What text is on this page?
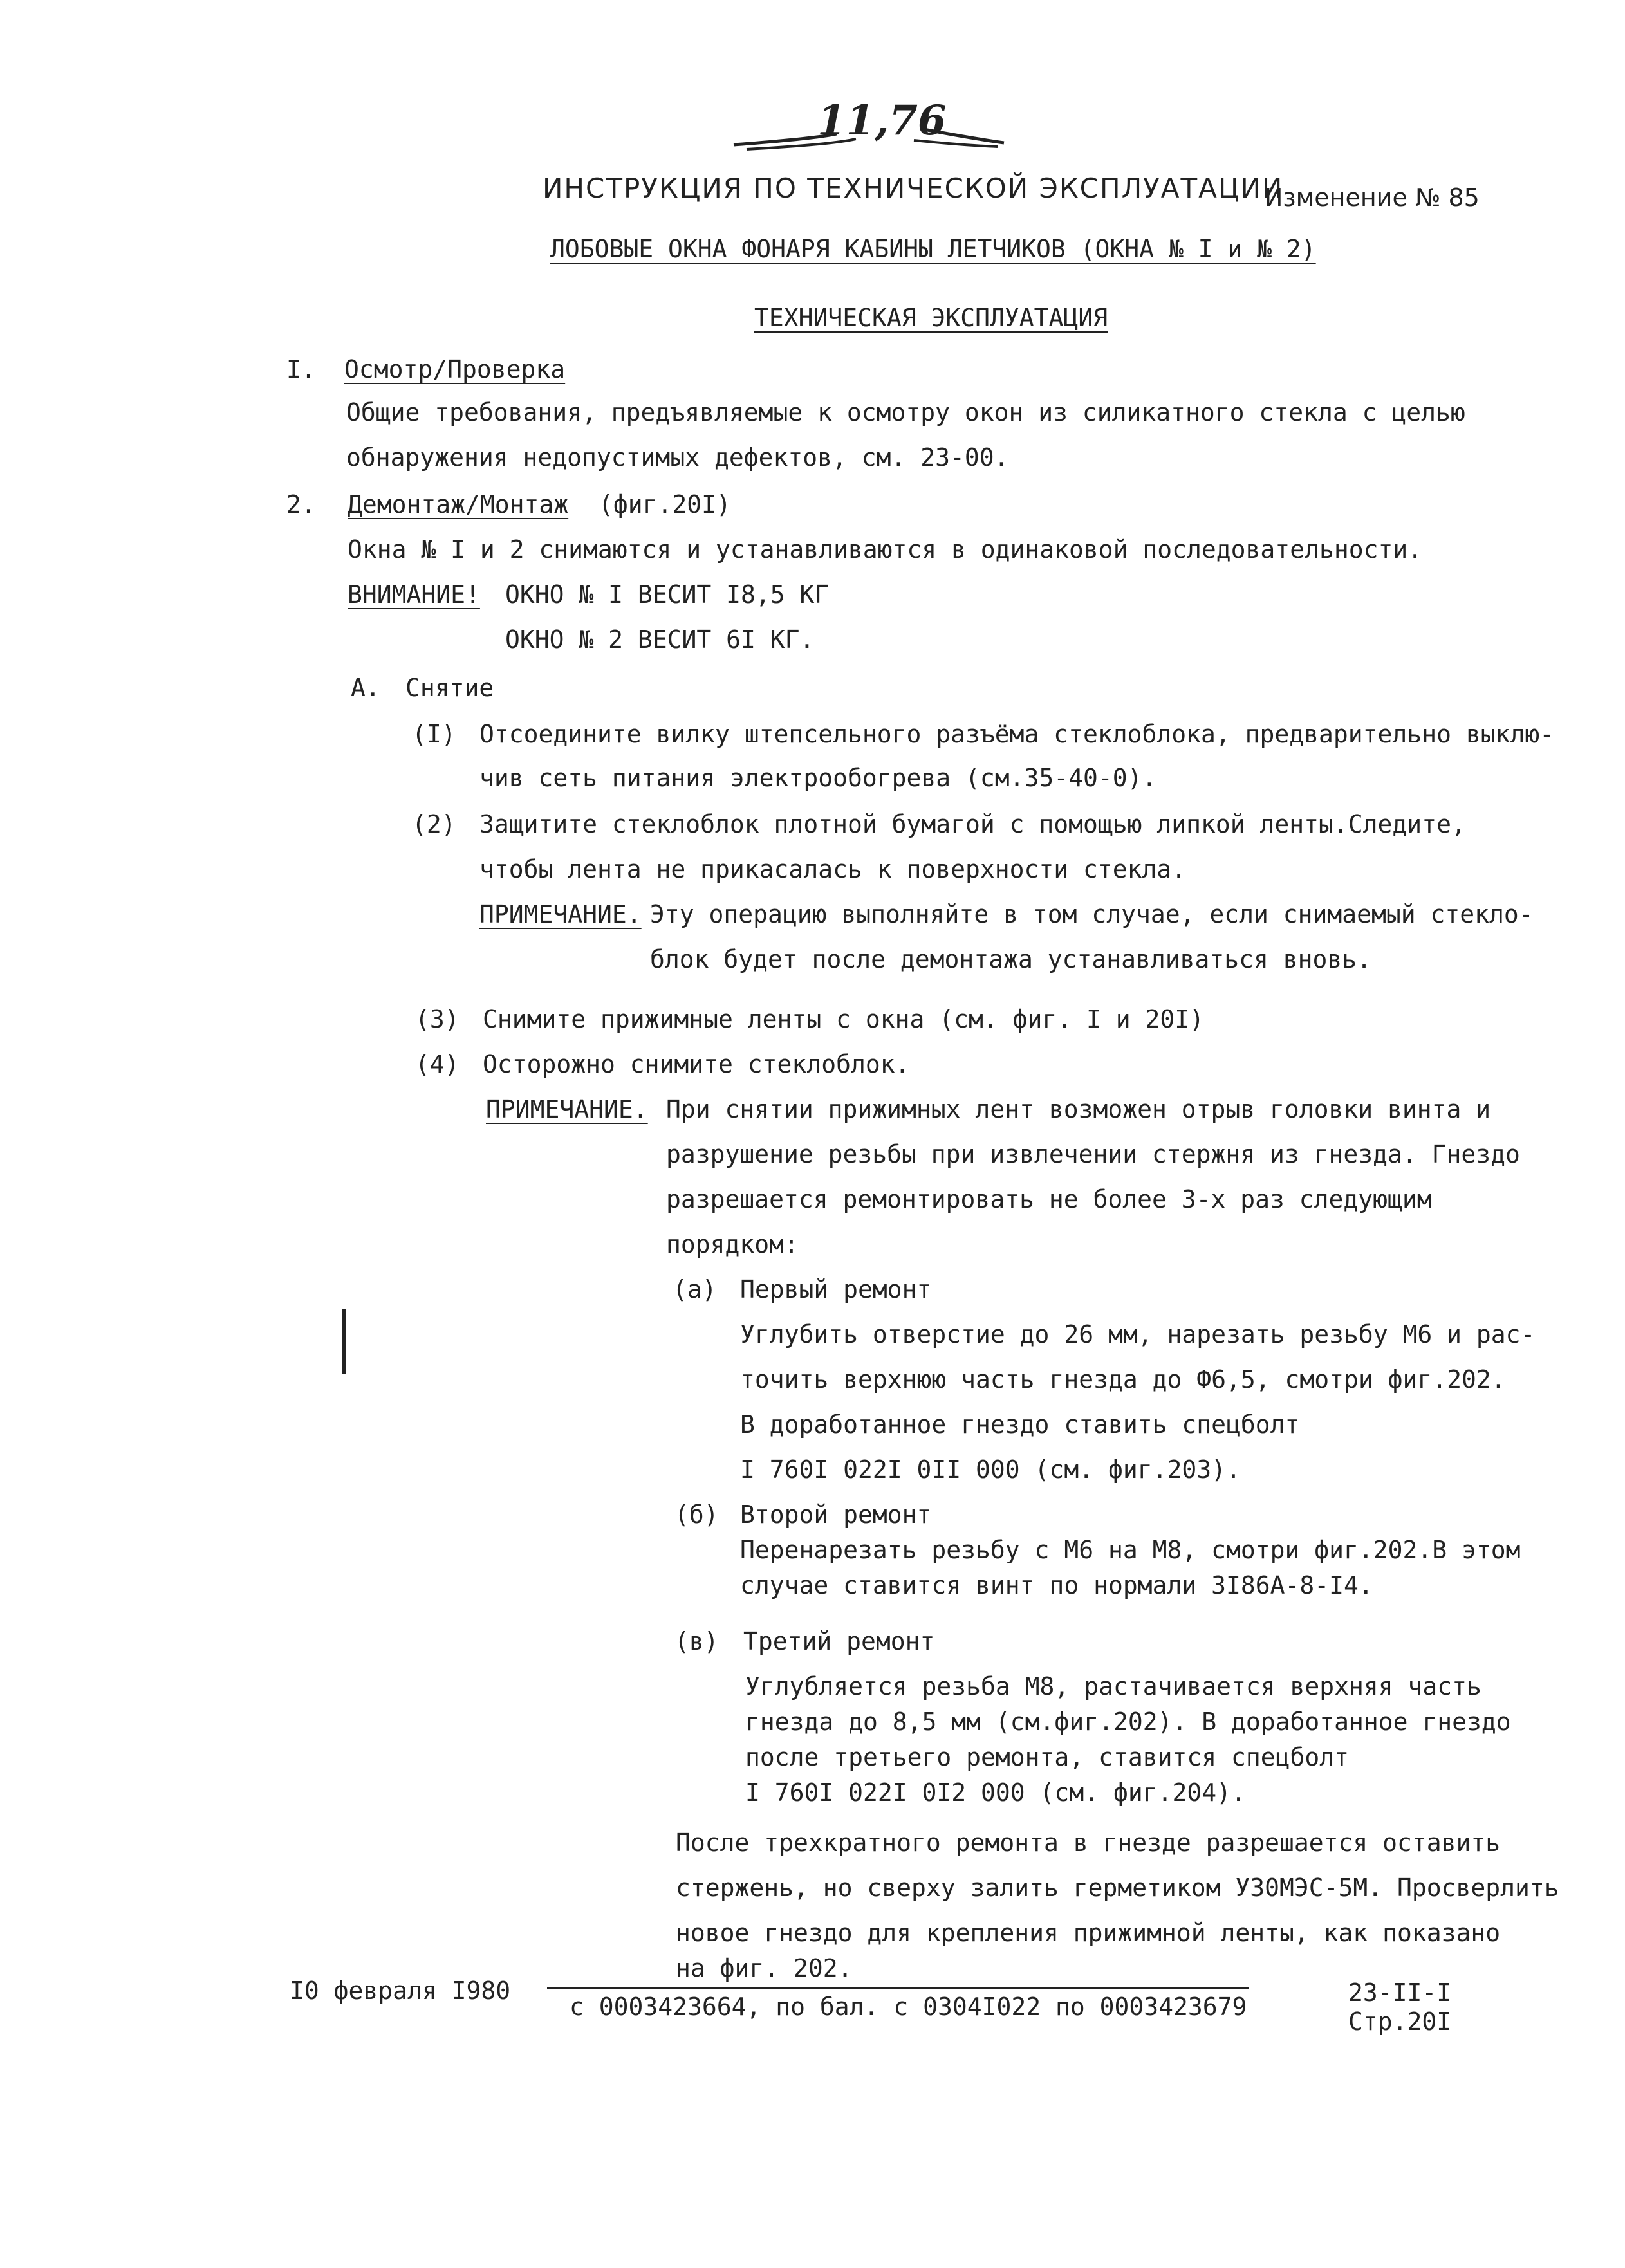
11,76
ИНСТРУКЦИЯ ПО ТЕХНИЧЕСКОЙ ЭКСПЛУАТАЦИИ
Изменение № 85
ЛОБОВЫЕ ОКНА ФОНАРЯ КАБИНЫ ЛЕТЧИКОВ (ОКНА № I и № 2)
ТЕХНИЧЕСКАЯ ЭКСПЛУАТАЦИЯ
I. Осмотр/Проверка
Общие требования, предъявляемые к осмотру окон из силикатного стекла с целью
обнаружения недопустимых дефектов, см. 23-00.
2. Демонтаж/Монтаж (фиг.20I)
Окна № I и 2 снимаются и устанавливаются в одинаковой последовательности.
ВНИМАНИЕ! ОКНО № I ВЕСИТ I8,5 КГ
ОКНО № 2 ВЕСИТ 6I КГ.
А. Снятие
(I) Отсоедините вилку штепсельного разъёма стеклоблока, предварительно выклю-
чив сеть питания электрообогрева (см.35-40-0).
(2) Защитите стеклоблок плотной бумагой с помощью липкой ленты.Следите,
чтобы лента не прикасалась к поверхности стекла.
ПРИМЕЧАНИЕ. Эту операцию выполняйте в том случае, если снимаемый стекло-
блок будет после демонтажа устанавливаться вновь.
(3) Снимите прижимные ленты с окна (см. фиг. I и 20I)
(4) Осторожно снимите стеклоблок.
ПРИМЕЧАНИЕ. При снятии прижимных лент возможен отрыв головки винта и
разрушение резьбы при извлечении стержня из гнезда. Гнездо
разрешается ремонтировать не более 3-х раз следующим
порядком:
(а) Первый ремонт
Углубить отверстие до 26 мм, нарезать резьбу М6 и рас-
точить верхнюю часть гнезда до Ф6,5, смотри фиг.202.
В доработанное гнездо ставить спецболт
I 760I 022I 0II 000 (см. фиг.203).
(б) Второй ремонт
Перенарезать резьбу с М6 на М8, смотри фиг.202.В этом
случае ставится винт по нормали 3I86А-8-I4.
(в) Третий ремонт
Углубляется резьба М8, растачивается верхняя часть
гнезда до 8,5 мм (см.фиг.202). В доработанное гнездо
после третьего ремонта, ставится спецболт
I 760I 022I 0I2 000 (см. фиг.204).
После трехкратного ремонта в гнезде разрешается оставить
стержень, но сверху залить герметиком У30МЭС-5М. Просверлить
новое гнездо для крепления прижимной ленты, как показано
на фиг. 202.
I0 февраля I980
с 0003423664, по бал. с 0304I022 по 0003423679	23-II-I
Стр.20I
